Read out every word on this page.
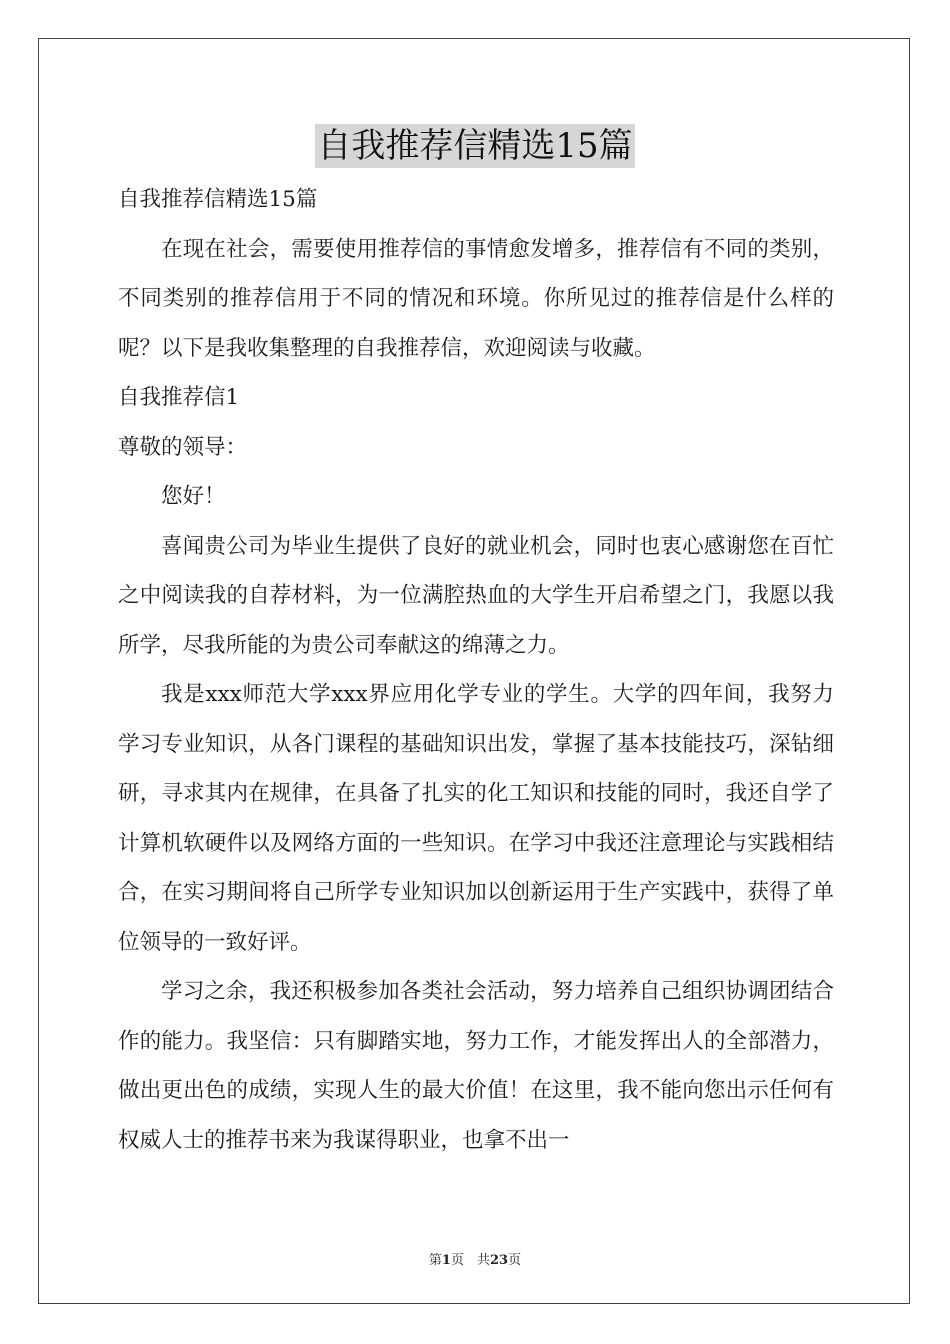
自我推荐信精选15篇

自我推荐信精选15篇

在现在社会，需要使用推荐信的事情愈发增多，推荐信有不同的类别，不同类别的推荐信用于不同的情况和环境。你所见过的推荐信是什么样的呢？以下是我收集整理的自我推荐信，欢迎阅读与收藏。

自我推荐信1

尊敬的领导：

您好！

喜闻贵公司为毕业生提供了良好的就业机会，同时也衷心感谢您在百忙之中阅读我的自荐材料，为一位满腔热血的大学生开启希望之门，我愿以我所学，尽我所能的为贵公司奉献这的绵薄之力。

我是xxx师范大学xxx界应用化学专业的学生。大学的四年间，我努力学习专业知识，从各门课程的基础知识出发，掌握了基本技能技巧，深钻细研，寻求其内在规律，在具备了扎实的化工知识和技能的同时，我还自学了计算机软硬件以及网络方面的一些知识。在学习中我还注意理论与实践相结合，在实习期间将自己所学专业知识加以创新运用于生产实践中，获得了单位领导的一致好评。

学习之余，我还积极参加各类社会活动，努力培养自己组织协调团结合作的能力。我坚信：只有脚踏实地，努力工作，才能发挥出人的全部潜力，做出更出色的成绩，实现人生的最大价值！在这里，我不能向您出示任何有权威人士的推荐书来为我谋得职业，也拿不出一

第1页　共23页
